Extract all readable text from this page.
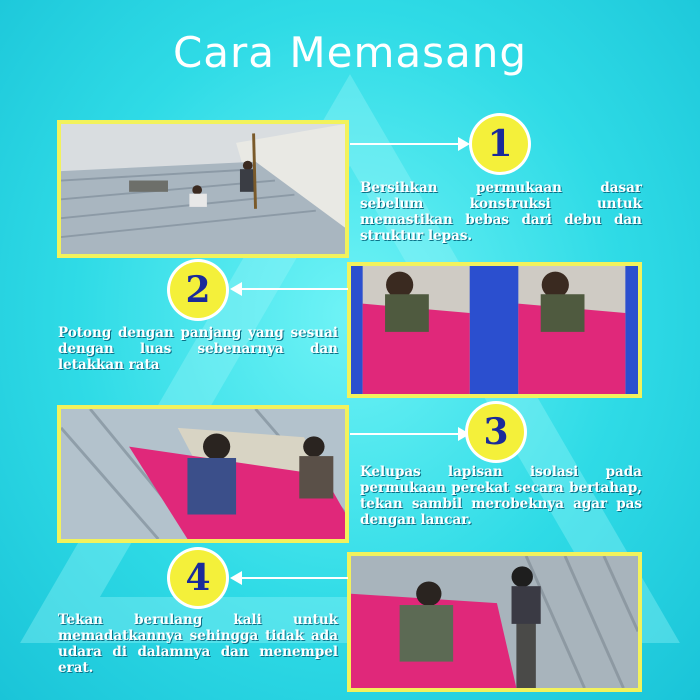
Cara Memasang
1
Bersihkan permukaan dasar sebelum konstruksi untuk memastikan bebas dari debu dan struktur lepas.
2
Potong dengan panjang yang sesuai dengan luas sebenarnya dan letakkan rata
3
Kelupas lapisan isolasi pada permukaan perekat secara bertahap, tekan sambil merobeknya agar pas dengan lancar.
4
Tekan berulang kali untuk memadatkannya sehingga tidak ada udara di dalamnya dan menempel erat.
